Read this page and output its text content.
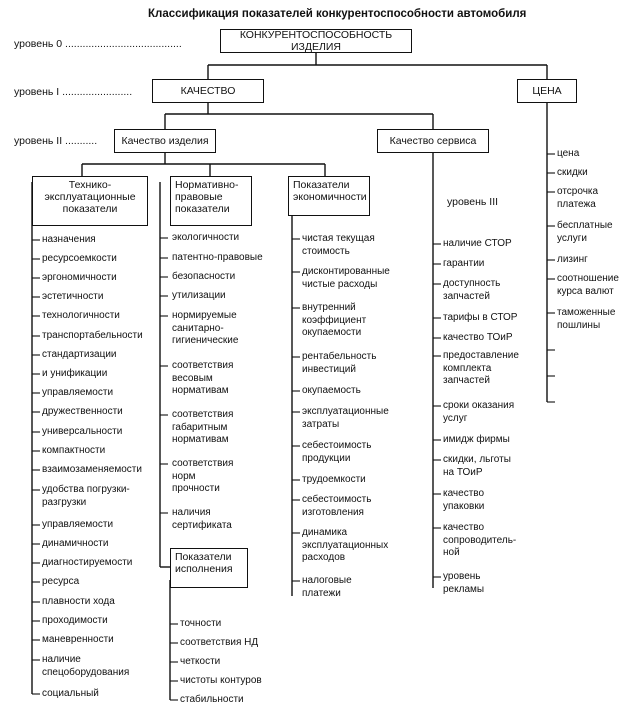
Классификация показателей конкурентоспособности автомобиля
уровень 0 ........................................
уровень I ........................
уровень II ...........
уровень III
КОНКУРЕНТОСПОСОБНОСТЬ ИЗДЕЛИЯ
КАЧЕСТВО	ЦЕНА
Качество изделия	Качество сервиса
Технико-
эксплуатационные
показатели
Нормативно-
правовые
показатели
Показатели
экономичности
Показатели
исполнения
назначения
ресурсоемкости
эргономичности
эстетичности
технологичности
транспортабельности
стандартизации
и унификации
управляемости
дружественности
универсальности
компактности
взаимозаменяемости
удобства погрузки-
разгрузки
управляемости
динамичности
диагностируемости
ресурса
плавности хода
проходимости
маневренности
наличие
спецоборудования
социальный
экологичности
патентно-правовые
безопасности
утилизации
нормируемые
санитарно-
гигиенические
соответствия
весовым
нормативам
соответствия
габаритным
нормативам
соответствия
норм
прочности
наличия
сертификата
точности
соответствия НД
четкости
чистоты контуров
стабильности
чистая текущая
стоимость
дисконтированные
чистые расходы
внутренний
коэффициент
окупаемости
рентабельность
инвестиций
окупаемость
эксплуатационные
затраты
себестоимость
продукции
трудоемкости
себестоимость
изготовления
динамика
эксплуатационных
расходов
налоговые
платежи
наличие СТОР
гарантии
доступность
запчастей
тарифы в СТОР
качество ТОиР
предоставление
комплекта
запчастей
сроки оказания
услуг
имидж фирмы
скидки, льготы
на ТОиР
качество
упаковки
качество
сопроводитель-
ной
уровень
рекламы
цена
скидки
отсрочка
платежа
бесплатные
услуги
лизинг
соотношение
курса валют
таможенные
пошлины
